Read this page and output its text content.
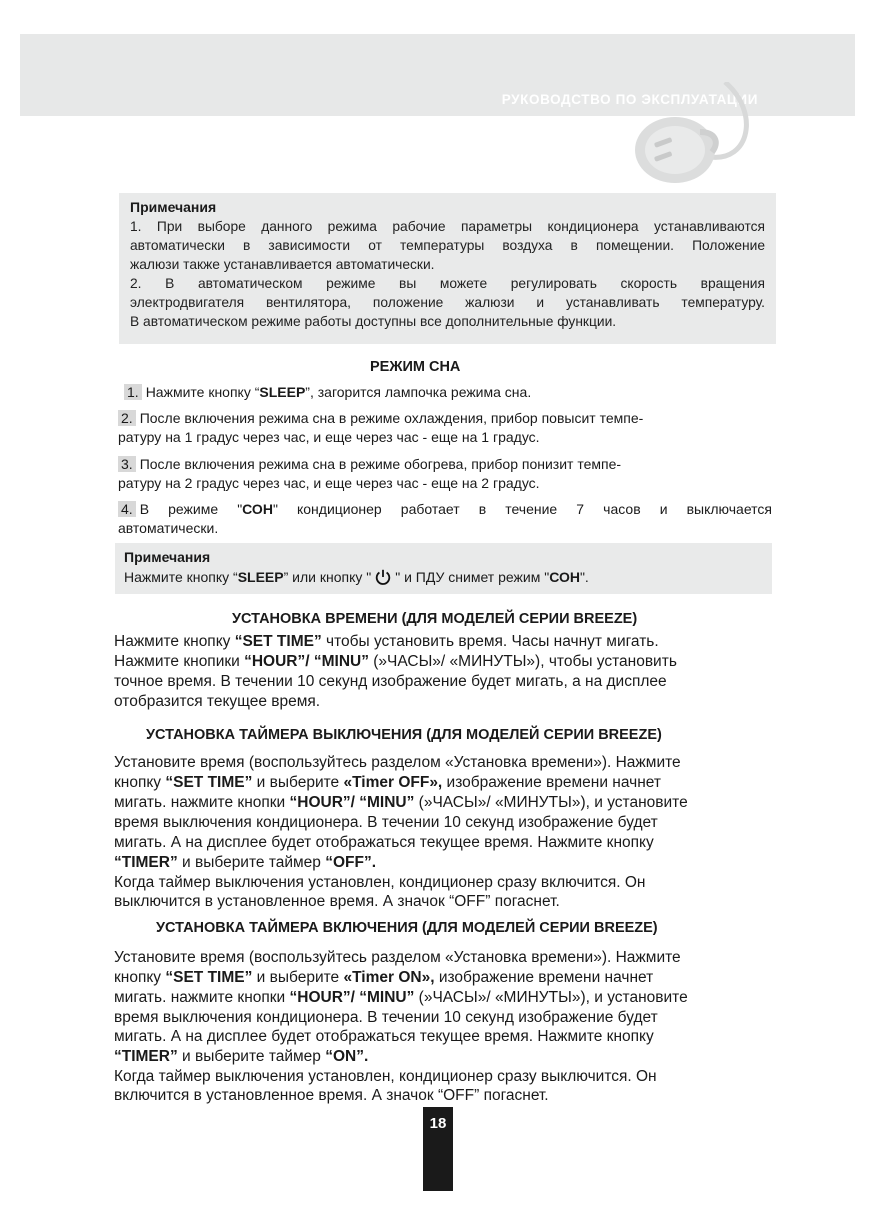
РУКОВОДСТВО ПО ЭКСПЛУАТАЦИИ
Примечания
1. При выборе данного режима рабочие параметры кондиционера устанавливаются
автоматически в зависимости от температуры воздуха в помещении. Положение
жалюзи также устанавливается автоматически.
2. В автоматическом режиме вы можете регулировать скорость вращения
электродвигателя вентилятора, положение жалюзи и устанавливать температуру.
В автоматическом режиме работы доступны все дополнительные функции.
РЕЖИМ СНА
1. Нажмите кнопку “SLEEP”, загорится лампочка режима сна.
2. После включения режима сна в режиме охлаждения, прибор повысит темпе-
ратуру на 1 градус через час, и еще через час - еще на 1 градус.
3. После включения режима сна в режиме обогрева, прибор понизит темпе-
ратуру на 2 градус через час, и еще через час - еще на 2 градус.
4. В режиме "СОН" кондиционер работает в течение 7 часов и выключается
автоматически.
Примечания
Нажмите кнопку “SLEEP” или кнопку " " и ПДУ снимет режим "СОН".
УСТАНОВКА ВРЕМЕНИ (ДЛЯ МОДЕЛЕЙ СЕРИИ BREEZE)
Нажмите кнопку “SET TIME” чтобы установить время. Часы начнут мигать.
Нажмите кнопики “HOUR”/ “MINU” (»ЧАСЫ»/ «МИНУТЫ»), чтобы установить
точное время. В течении 10 секунд изображение будет мигать, а на дисплее
отобразится текущее время.
УСТАНОВКА ТАЙМЕРА ВЫКЛЮЧЕНИЯ (ДЛЯ МОДЕЛЕЙ СЕРИИ BREEZE)
Установите время (воспользуйтесь разделом «Установка времени»). Нажмите
кнопку “SET TIME” и выберите «Timer OFF», изображение времени начнет
мигать. нажмите кнопки “HOUR”/ “MINU” (»ЧАСЫ»/ «МИНУТЫ»), и установите
время выключения кондиционера. В течении 10 секунд изображение будет
мигать. А на дисплее будет отображаться текущее время. Нажмите кнопку
“TIMER” и выберите таймер “OFF”.
Когда таймер выключения установлен, кондиционер сразу включится. Он
выключится в установленное время. А значок “OFF” погаснет.
УСТАНОВКА ТАЙМЕРА ВКЛЮЧЕНИЯ (ДЛЯ МОДЕЛЕЙ СЕРИИ BREEZE)
Установите время (воспользуйтесь разделом «Установка времени»). Нажмите
кнопку “SET TIME” и выберите «Timer ON», изображение времени начнет
мигать. нажмите кнопки “HOUR”/ “MINU” (»ЧАСЫ»/ «МИНУТЫ»), и установите
время выключения кондиционера. В течении 10 секунд изображение будет
мигать. А на дисплее будет отображаться текущее время. Нажмите кнопку
“TIMER” и выберите таймер “ON”.
Когда таймер выключения установлен, кондиционер сразу выключится. Он
включится в установленное время. А значок “OFF” погаснет.
18
